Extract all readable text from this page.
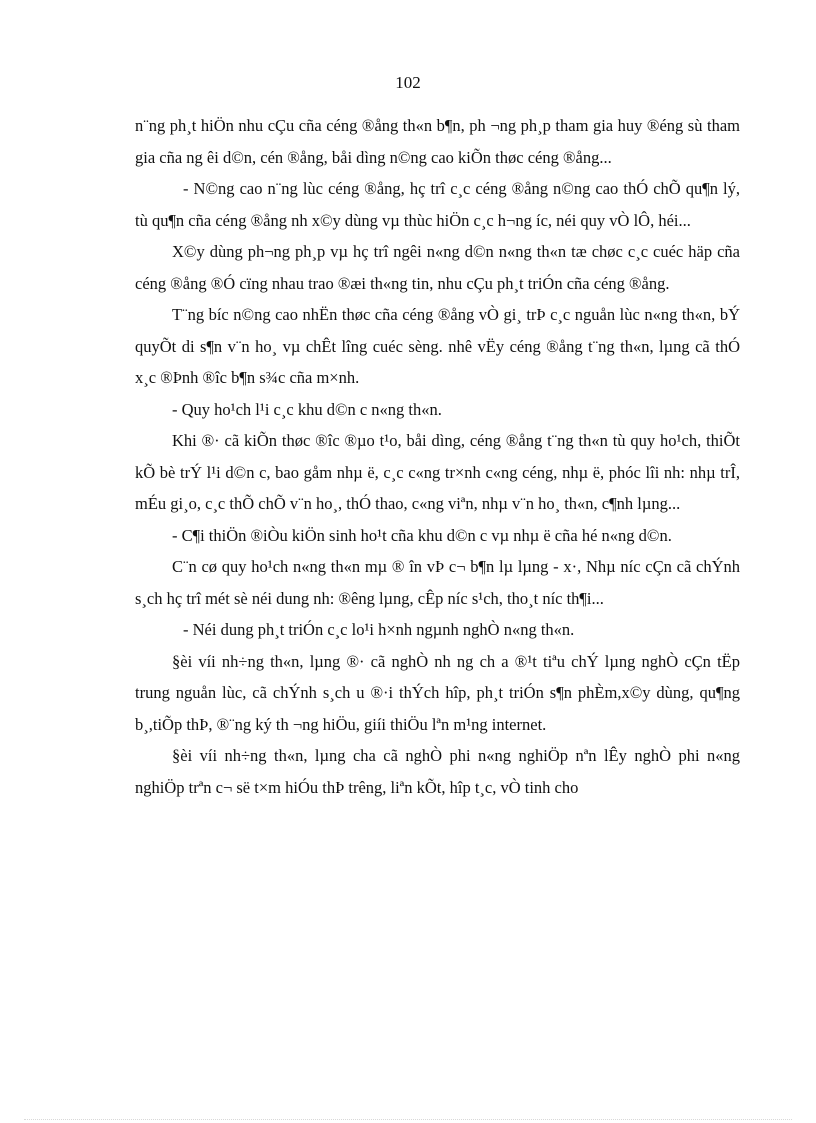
102

n¨ng ph¸t hiÖn nhu cÇu cña céng ®ång th«n b¶n, ph ¬ng ph¸p tham gia huy ®éng sù tham gia cña ng êi d©n, cén ®ång, båi dìng n©ng cao kiÕn thøc céng ®ång...

- N©ng cao n¨ng lùc céng ®ång, hç trî c¸c céng ®ång n©ng cao thÓ chÕ qu¶n lý, tù qu¶n cña céng ®ång nh x©y dùng vµ thùc hiÖn c¸c h¬ng íc, néi quy vÒ lÔ, héi...

X©y dùng ph¬ng ph¸p vµ hç trî ngêi n«ng d©n n«ng th«n tæ chøc c¸c cuéc häp cña céng ®ång ®Ó cïng nhau trao ®æi th«ng tin, nhu cÇu ph¸t triÓn cña céng ®ång.

T¨ng bíc n©ng cao nhËn thøc cña céng ®ång vÒ gi¸ trÞ c¸c nguån lùc n«ng th«n, bÝ quyÕt di s¶n v¨n ho¸ vµ chÊt lîng cuéc sèng. nhê vËy céng ®ång t¨ng th«n, lµng cã thÓ x¸c ®Þnh ®îc b¶n s¾c cña m×nh.

- Quy ho¹ch l¹i c¸c khu d©n c n«ng th«n.

Khi ®· cã kiÕn thøc ®îc ®µo t¹o, båi dìng, céng ®ång t¨ng th«n tù quy ho¹ch, thiÕt kÕ bè trÝ l¹i d©n c, bao gåm nhµ ë, c¸c c«ng tr×nh c«ng céng, nhµ ë, phóc lîi nh: nhµ trÎ, mÉu gi¸o, c¸c thÕ chÕ v¨n ho¸, thÓ thao, c«ng viªn, nhµ v¨n ho¸ th«n, c¶nh lµng...

- C¶i thiÖn ®iÒu kiÖn sinh ho¹t cña khu d©n c vµ nhµ ë cña hé n«ng d©n.

C¨n cø quy ho¹ch n«ng th«n mµ ® în vÞ c¬ b¶n lµ lµng - x·, Nhµ níc cÇn cã chÝnh s¸ch hç trî mét sè néi dung nh: ®êng lµng, cÊp níc s¹ch, tho¸t níc th¶i...

- Néi dung ph¸t triÓn c¸c lo¹i h×nh ngµnh nghÒ n«ng th«n.

§èi víi nh÷ng th«n, lµng ®· cã nghÒ nh ng ch a ®¹t tiªu chÝ lµng nghÒ cÇn tËp trung nguån lùc, cã chÝnh s¸ch u ®·i thÝch hîp, ph¸t triÓn s¶n phÈm,x©y dùng, qu¶ng b¸,tiÕp thÞ, ®¨ng ký th ¬ng hiÖu, giíi thiÖu lªn m¹ng internet.

§èi víi nh÷ng th«n, lµng cha cã nghÒ phi n«ng nghiÖp nªn lÊy nghÒ phi n«ng nghiÖp trªn c¬ së t×m hiÓu thÞ trêng, liªn kÕt, hîp t¸c, vÒ tinh cho
